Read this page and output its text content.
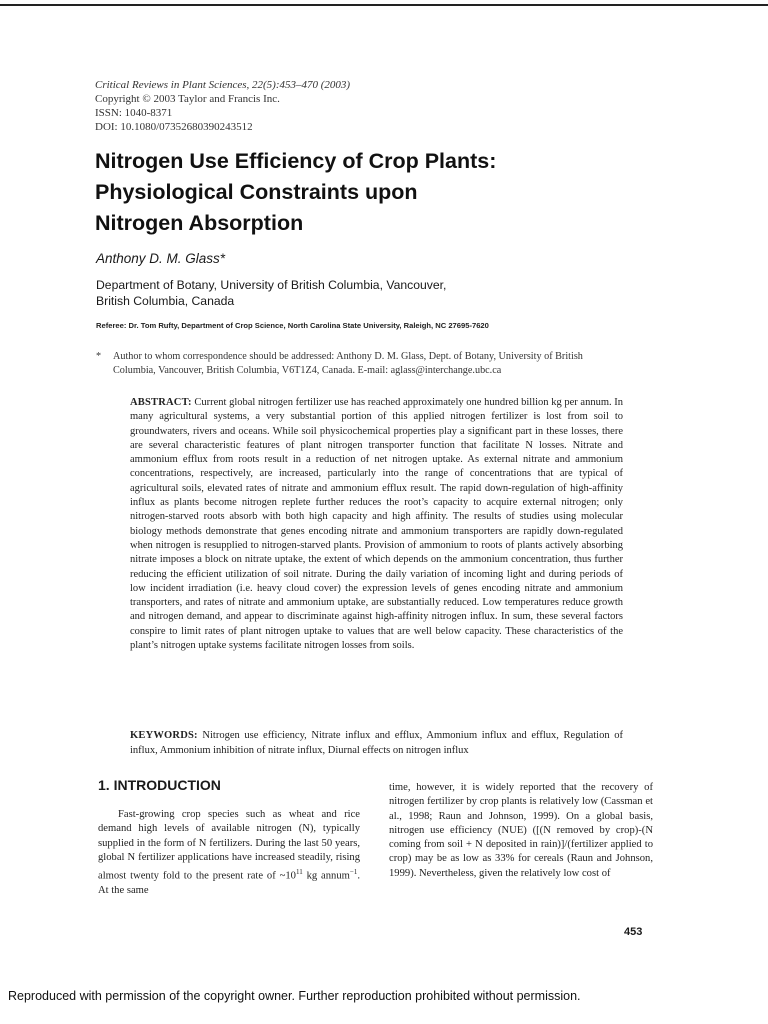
Critical Reviews in Plant Sciences, 22(5):453–470 (2003)
Copyright © 2003 Taylor and Francis Inc.
ISSN: 1040-8371
DOI: 10.1080/07352680390243512
Nitrogen Use Efficiency of Crop Plants:
Physiological Constraints upon
Nitrogen Absorption
Anthony D. M. Glass*
Department of Botany, University of British Columbia, Vancouver,
British Columbia, Canada
Referee: Dr. Tom Rufty, Department of Crop Science, North Carolina State University, Raleigh, NC 27695-7620
* Author to whom correspondence should be addressed: Anthony D. M. Glass, Dept. of Botany, University of British Columbia, Vancouver, British Columbia, V6T1Z4, Canada. E-mail: aglass@interchange.ubc.ca
ABSTRACT: Current global nitrogen fertilizer use has reached approximately one hundred billion kg per annum. In many agricultural systems, a very substantial portion of this applied nitrogen fertilizer is lost from soil to groundwaters, rivers and oceans. While soil physicochemical properties play a significant part in these losses, there are several characteristic features of plant nitrogen transporter function that facilitate N losses. Nitrate and ammonium efflux from roots result in a reduction of net nitrogen uptake. As external nitrate and ammonium concentrations, respectively, are increased, particularly into the range of concentrations that are typical of agricultural soils, elevated rates of nitrate and ammonium efflux result. The rapid down-regulation of high-affinity influx as plants become nitrogen replete further reduces the root’s capacity to acquire external nitrogen; only nitrogen-starved roots absorb with both high capacity and high affinity. The results of studies using molecular biology methods demonstrate that genes encoding nitrate and ammonium transporters are rapidly down-regulated when nitrogen is resupplied to nitrogen-starved plants. Provision of ammonium to roots of plants actively absorbing nitrate imposes a block on nitrate uptake, the extent of which depends on the ammonium concentration, thus further reducing the efficient utilization of soil nitrate. During the daily variation of incoming light and during periods of low incident irradiation (i.e. heavy cloud cover) the expression levels of genes encoding nitrate and ammonium transporters, and rates of nitrate and ammonium uptake, are substantially reduced. Low temperatures reduce growth and nitrogen demand, and appear to discriminate against high-affinity nitrogen influx. In sum, these several factors conspire to limit rates of plant nitrogen uptake to values that are well below capacity. These characteristics of the plant’s nitrogen uptake systems facilitate nitrogen losses from soils.
KEYWORDS: Nitrogen use efficiency, Nitrate influx and efflux, Ammonium influx and efflux, Regulation of influx, Ammonium inhibition of nitrate influx, Diurnal effects on nitrogen influx
1. INTRODUCTION
Fast-growing crop species such as wheat and rice demand high levels of available nitrogen (N), typically supplied in the form of N fertilizers. During the last 50 years, global N fertilizer applications have increased steadily, rising almost twenty fold to the present rate of $\sim 10^{11}$ kg annum$^{-1}$. At the same
time, however, it is widely reported that the recovery of nitrogen fertilizer by crop plants is relatively low (Cassman et al., 1998; Raun and Johnson, 1999). On a global basis, nitrogen use efficiency (NUE) ([(N removed by crop)-(N coming from soil + N deposited in rain)]/(fertilizer applied to crop) may be as low as 33% for cereals (Raun and Johnson, 1999). Nevertheless, given the relatively low cost of
453
Reproduced with permission of the copyright owner. Further reproduction prohibited without permission.
